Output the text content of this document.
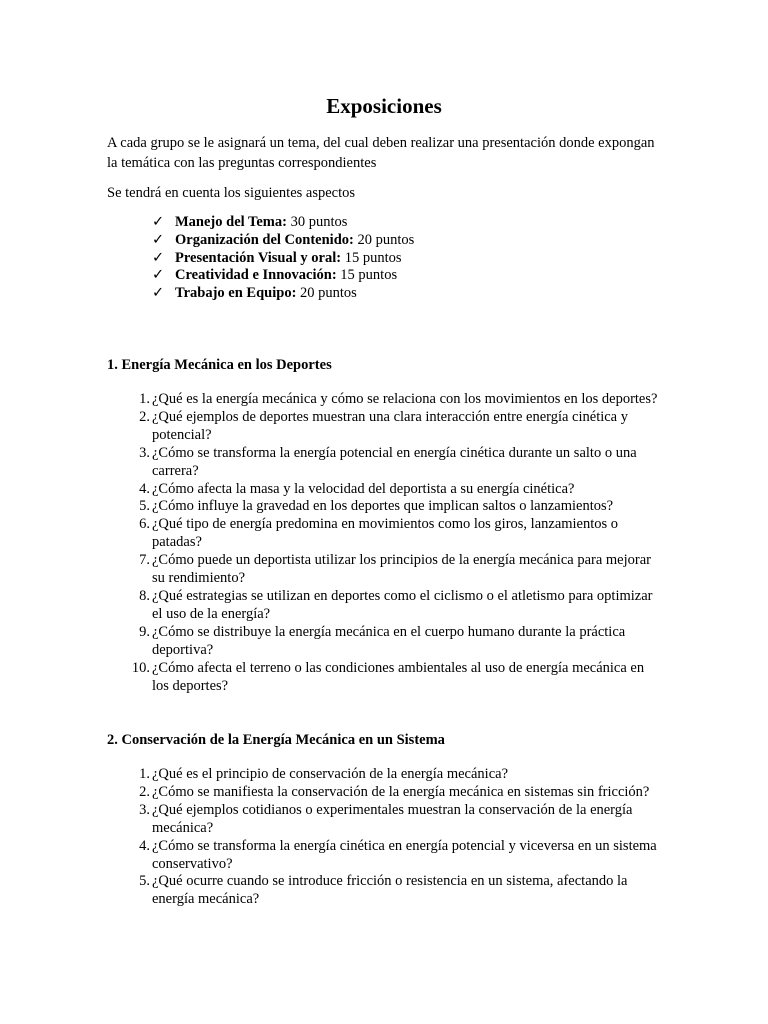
Exposiciones

A cada grupo se le asignará un tema, del cual deben realizar una presentación donde expongan la temática con las preguntas correspondientes

Se tendrá en cuenta los siguientes aspectos

✓ Manejo del Tema: 30 puntos
✓ Organización del Contenido: 20 puntos
✓ Presentación Visual y oral: 15 puntos
✓ Creatividad e Innovación: 15 puntos
✓ Trabajo en Equipo: 20 puntos
1. Energía Mecánica en los Deportes
1. ¿Qué es la energía mecánica y cómo se relaciona con los movimientos en los deportes?
2. ¿Qué ejemplos de deportes muestran una clara interacción entre energía cinética y potencial?
3. ¿Cómo se transforma la energía potencial en energía cinética durante un salto o una carrera?
4. ¿Cómo afecta la masa y la velocidad del deportista a su energía cinética?
5. ¿Cómo influye la gravedad en los deportes que implican saltos o lanzamientos?
6. ¿Qué tipo de energía predomina en movimientos como los giros, lanzamientos o patadas?
7. ¿Cómo puede un deportista utilizar los principios de la energía mecánica para mejorar su rendimiento?
8. ¿Qué estrategias se utilizan en deportes como el ciclismo o el atletismo para optimizar el uso de la energía?
9. ¿Cómo se distribuye la energía mecánica en el cuerpo humano durante la práctica deportiva?
10. ¿Cómo afecta el terreno o las condiciones ambientales al uso de energía mecánica en los deportes?
2. Conservación de la Energía Mecánica en un Sistema
1. ¿Qué es el principio de conservación de la energía mecánica?
2. ¿Cómo se manifiesta la conservación de la energía mecánica en sistemas sin fricción?
3. ¿Qué ejemplos cotidianos o experimentales muestran la conservación de la energía mecánica?
4. ¿Cómo se transforma la energía cinética en energía potencial y viceversa en un sistema conservativo?
5. ¿Qué ocurre cuando se introduce fricción o resistencia en un sistema, afectando la energía mecánica?
